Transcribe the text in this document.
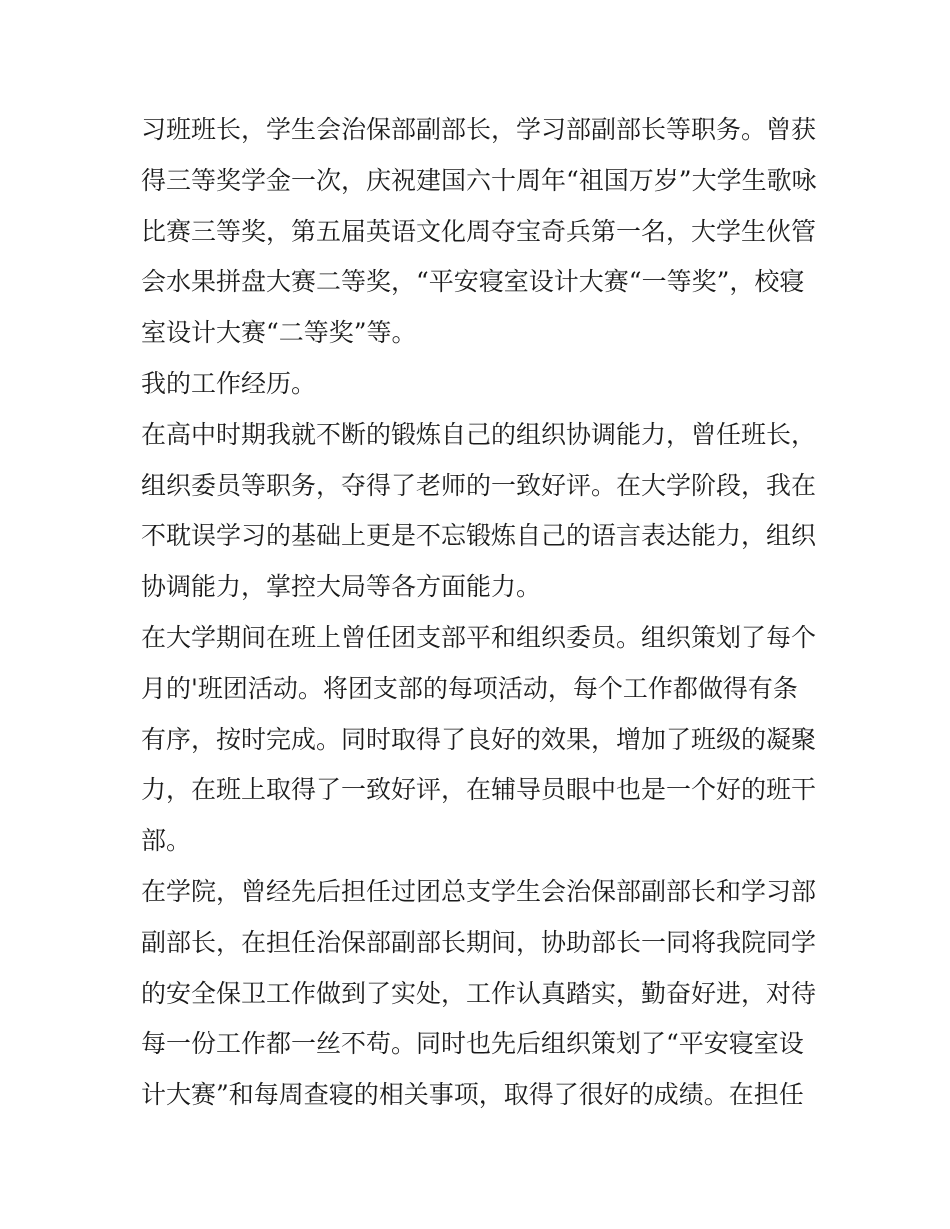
习班班长，学生会治保部副部长，学习部副部长等职务。曾获
得三等奖学金一次，庆祝建国六十周年“祖国万岁”大学生歌咏
比赛三等奖，第五届英语文化周夺宝奇兵第一名，大学生伙管
会水果拼盘大赛二等奖，“平安寝室设计大赛“一等奖”，校寝
室设计大赛“二等奖”等。
我的工作经历。
在高中时期我就不断的锻炼自己的组织协调能力，曾任班长，
组织委员等职务，夺得了老师的一致好评。在大学阶段，我在
不耽误学习的基础上更是不忘锻炼自己的语言表达能力，组织
协调能力，掌控大局等各方面能力。
在大学期间在班上曾任团支部平和组织委员。组织策划了每个
月的'班团活动。将团支部的每项活动，每个工作都做得有条
有序，按时完成。同时取得了良好的效果，增加了班级的凝聚
力，在班上取得了一致好评，在辅导员眼中也是一个好的班干
部。
在学院，曾经先后担任过团总支学生会治保部副部长和学习部
副部长，在担任治保部副部长期间，协助部长一同将我院同学
的安全保卫工作做到了实处，工作认真踏实，勤奋好进，对待
每一份工作都一丝不苟。同时也先后组织策划了“平安寝室设
计大赛”和每周查寝的相关事项，取得了很好的成绩。在担任
